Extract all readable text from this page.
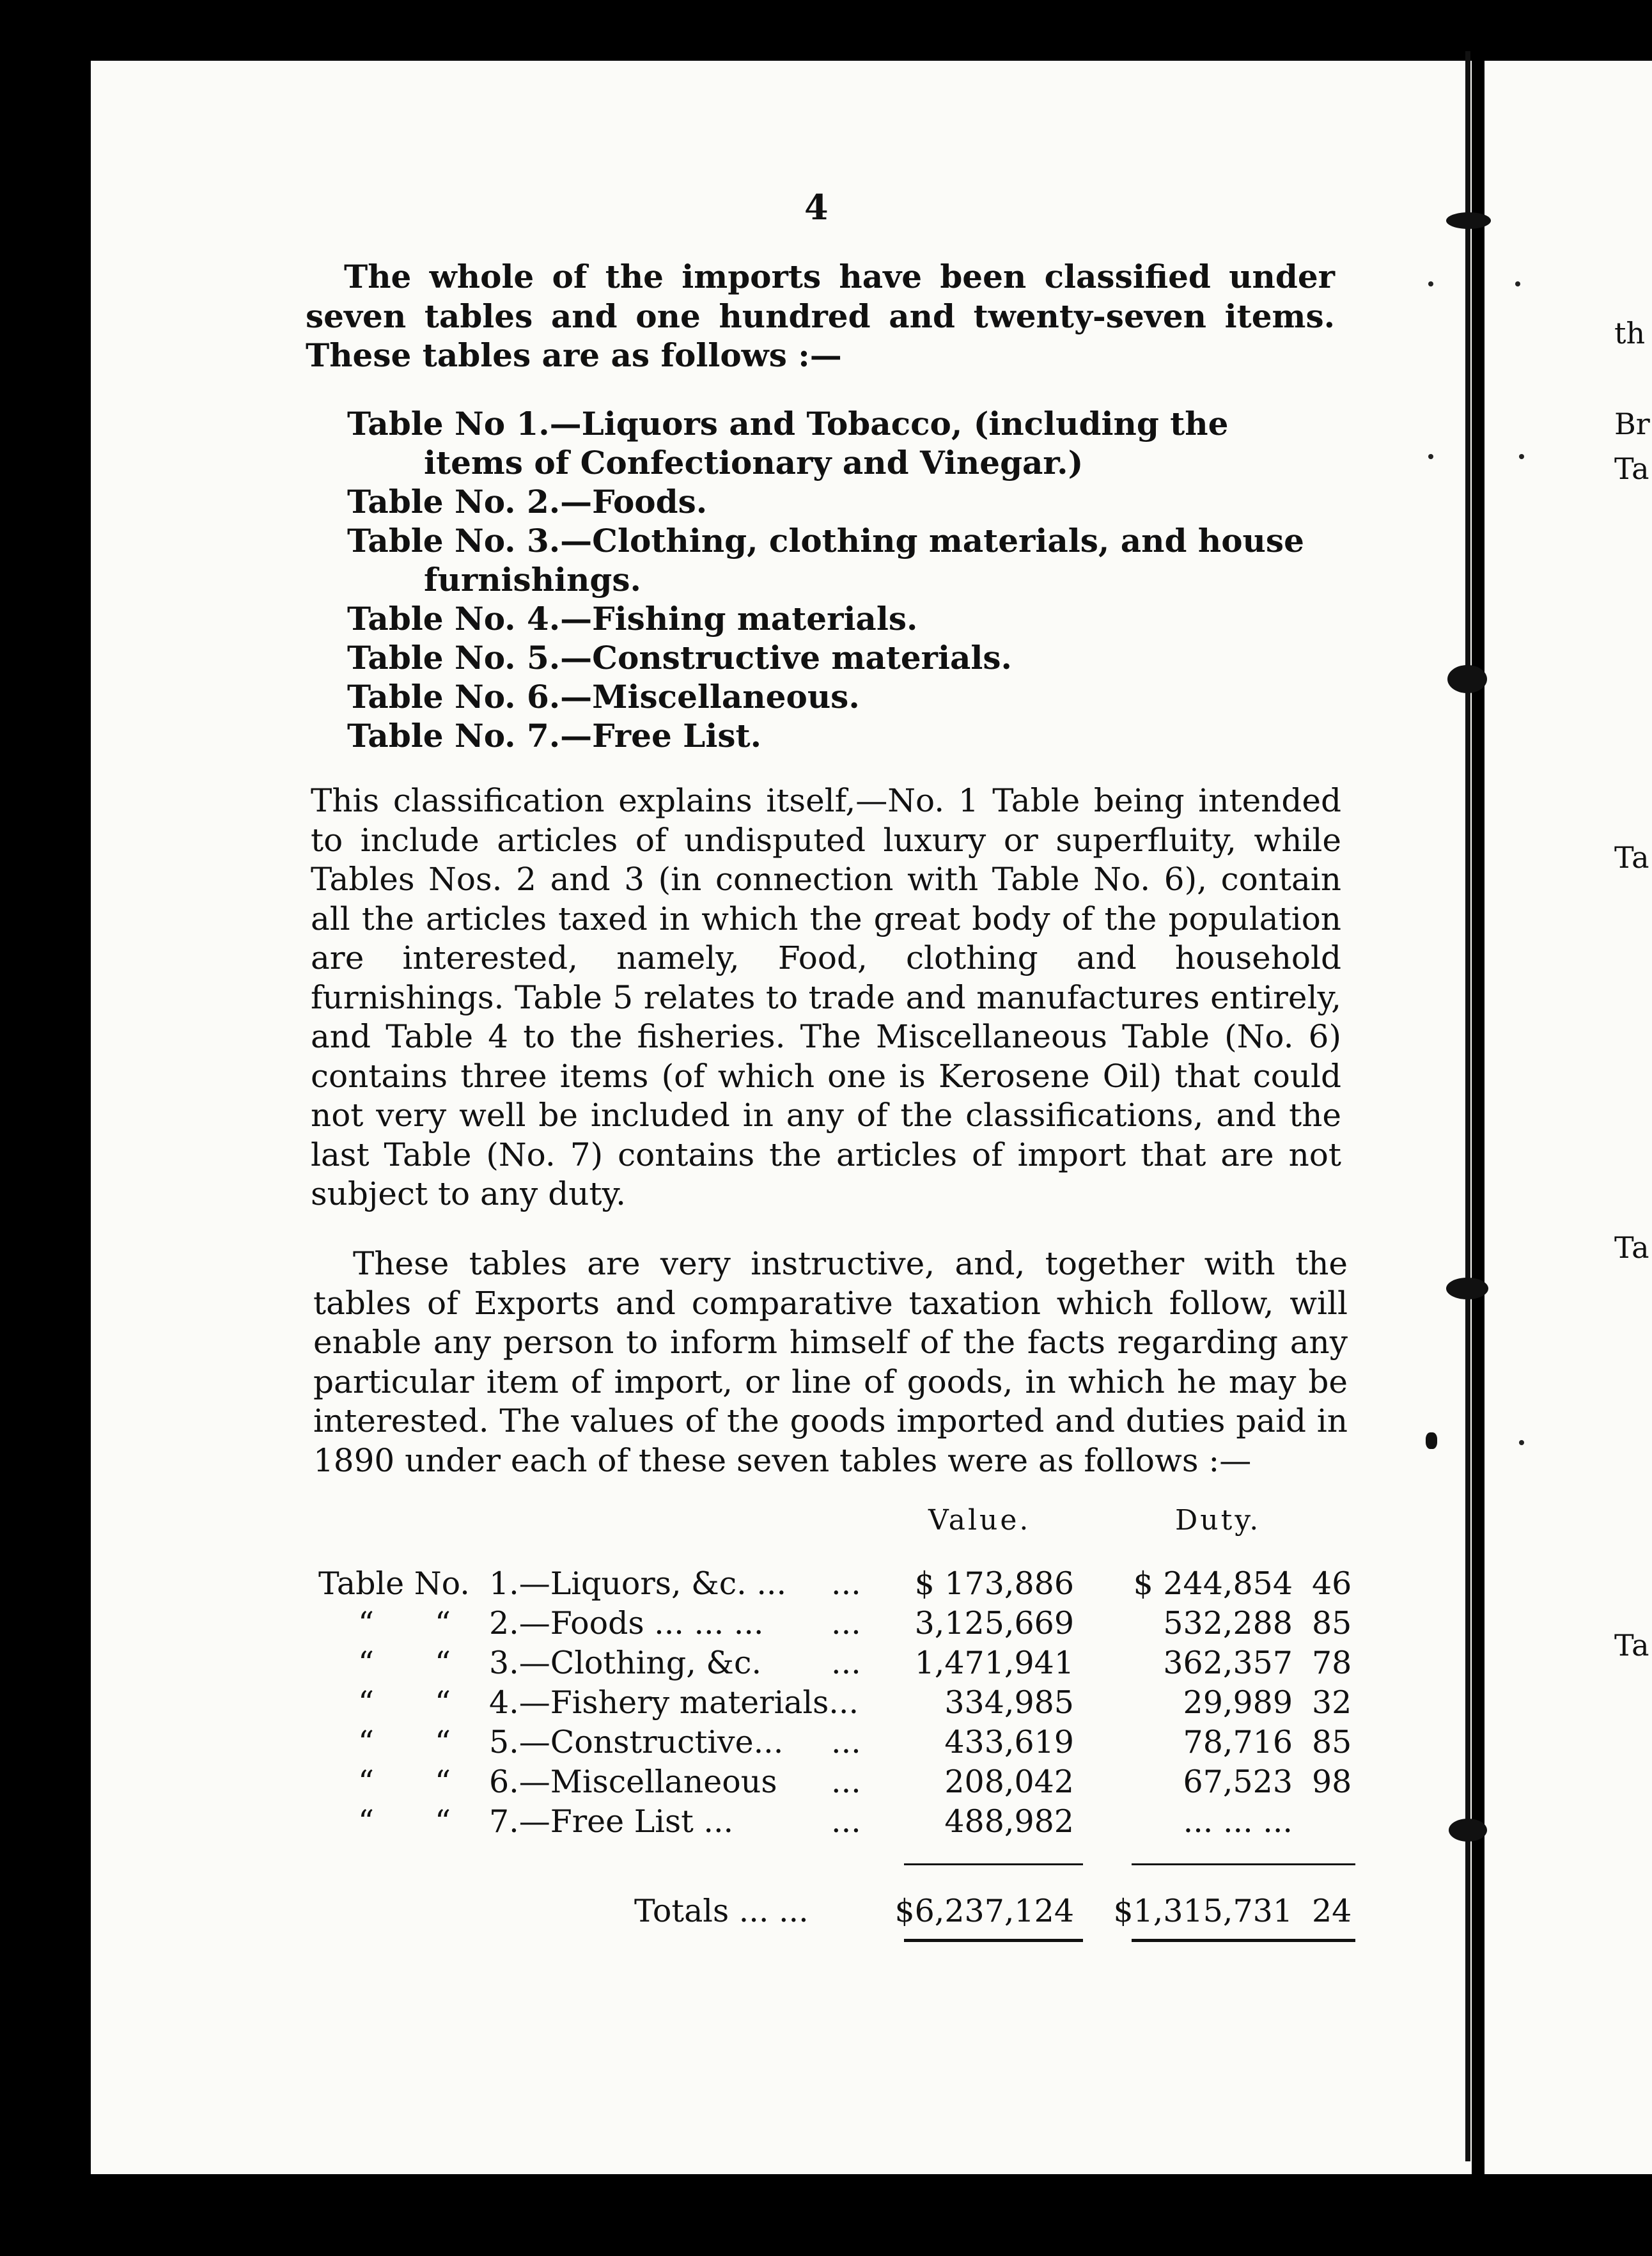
th
Br
Ta
Ta
Ta
Ta
4
The whole of the imports have been classified under seven tables and one hundred and twenty-seven items. These tables are as follows :—
Table No 1.—Liquors and Tobacco, (including the items of Confectionary and Vinegar.)
Table No. 2.—Foods.
Table No. 3.—Clothing, clothing materials, and house furnishings.
Table No. 4.—Fishing materials.
Table No. 5.—Constructive materials.
Table No. 6.—Miscellaneous.
Table No. 7.—Free List.
This classification explains itself,—No. 1 Table being intended to include articles of undisputed luxury or superfluity, while Tables Nos. 2 and 3 (in connection with Table No. 6), contain all the articles taxed in which the great body of the population are interested, namely, Food, clothing and household furnishings. Table 5 relates to trade and manufactures entirely, and Table 4 to the fisheries. The Miscellaneous Table (No. 6) contains three items (of which one is Kerosene Oil) that could not very well be included in any of the classifications, and the last Table (No. 7) contains the articles of import that are not subject to any duty.
These tables are very instructive, and, together with the tables of Exports and comparative taxation which follow, will enable any person to inform himself of the facts regarding any particular item of import, or line of goods, in which he may be interested. The values of the goods imported and duties paid in 1890 under each of these seven tables were as follows :—
Value.	Duty.
Table No. 1.—Liquors, &c. ... ... $ 173,886 $ 244,854 46
“ “ 2.—Foods ... ... ... ... 3,125,669	532,288 85
“ “ 3.—Clothing, &c. ... 1,471,941	362,357 78
“ “ 4.—Fishery materials...	334,985	29,989 32
“ “ 5.—Constructive... ...	433,619	78,716 85
“ “ 6.—Miscellaneous ...	208,042	67,523 98
“ “ 7.—Free List ...	...	488,982	... ... ...
Totals ... ...	$6,237,124 $1,315,731 24
